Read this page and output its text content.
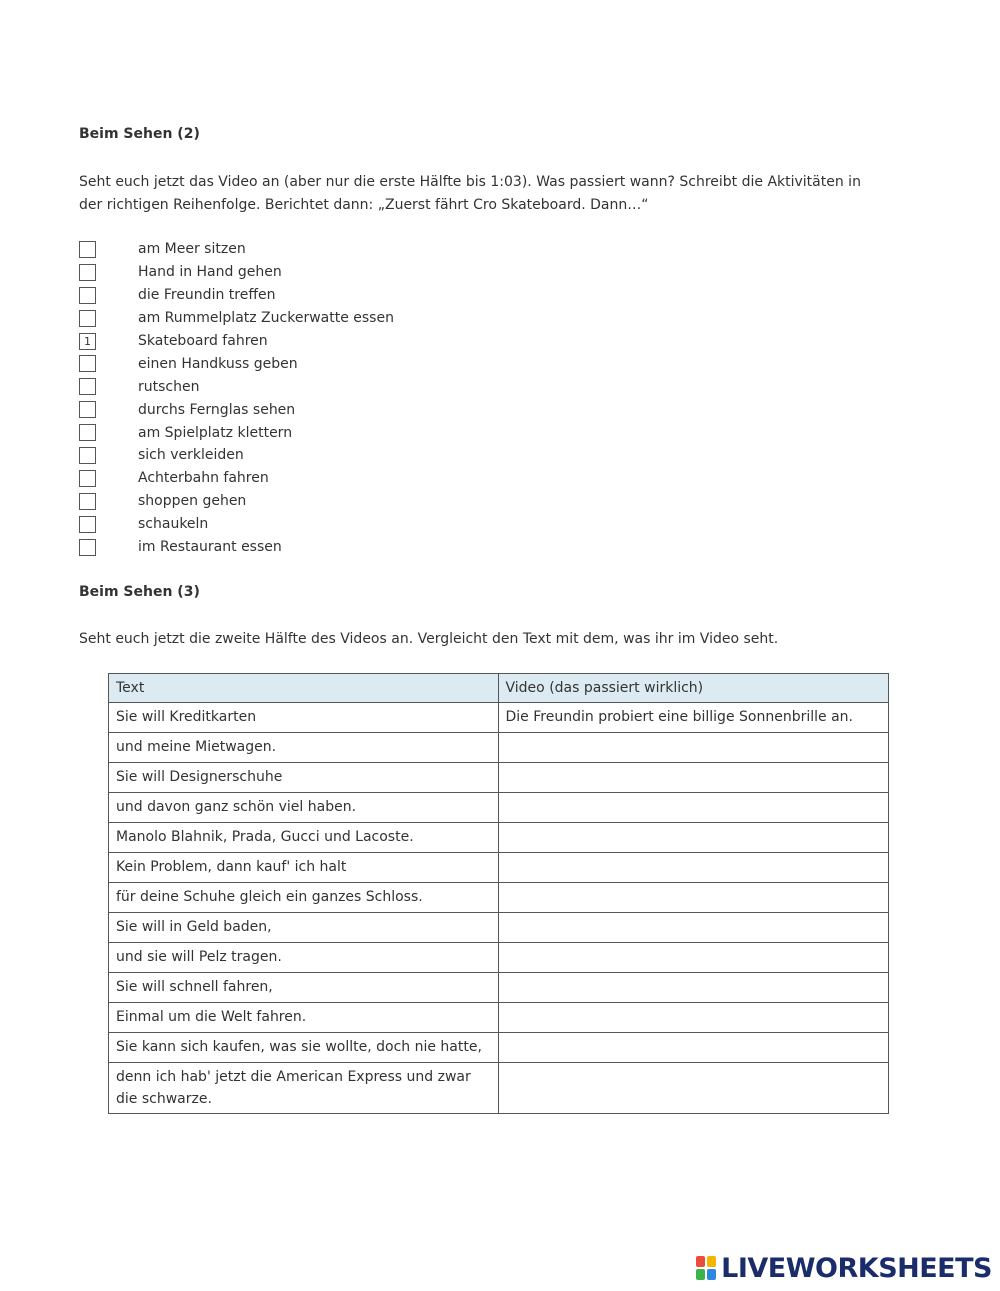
Beim Sehen (2)

Seht euch jetzt das Video an (aber nur die erste Hälfte bis 1:03). Was passiert wann? Schreibt die Aktivitäten in der richtigen Reihenfolge. Berichtet dann: „Zuerst fährt Cro Skateboard. Dann…“

am Meer sitzen
Hand in Hand gehen
die Freundin treffen
am Rummelplatz Zuckerwatte essen
1	Skateboard fahren
einen Handkuss geben
rutschen
durchs Fernglas sehen
am Spielplatz klettern
sich verkleiden
Achterbahn fahren
shoppen gehen
schaukeln
im Restaurant essen
Beim Sehen (3)

Seht euch jetzt die zweite Hälfte des Videos an. Vergleicht den Text mit dem, was ihr im Video seht.

Text	Video (das passiert wirklich)
Sie will Kreditkarten	Die Freundin probiert eine billige Sonnenbrille an.
und meine Mietwagen.	
Sie will Designerschuhe	
und davon ganz schön viel haben.	
Manolo Blahnik, Prada, Gucci und Lacoste.	
Kein Problem, dann kauf' ich halt	
für deine Schuhe gleich ein ganzes Schloss.	
Sie will in Geld baden,	
und sie will Pelz tragen.	
Sie will schnell fahren,	
Einmal um die Welt fahren.	
Sie kann sich kaufen, was sie wollte, doch nie hatte,	
denn ich hab' jetzt die American Express und zwar die schwarze.	
LIVEWORKSHEETS
